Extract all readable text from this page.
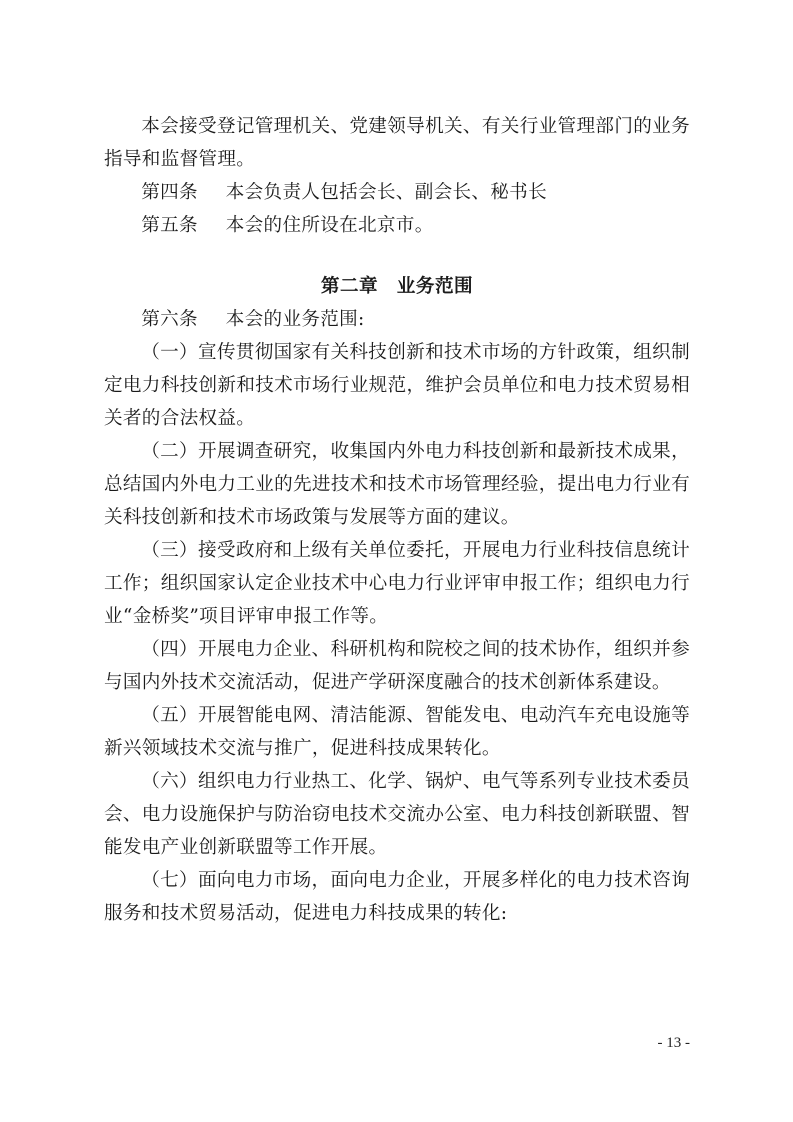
本会接受登记管理机关、党建领导机关、有关行业管理部门的业务指导和监督管理。

第四条 本会负责人包括会长、副会长、秘书长

第五条 本会的住所设在北京市。

第二章 业务范围

第六条 本会的业务范围:

（一）宣传贯彻国家有关科技创新和技术市场的方针政策，组织制定电力科技创新和技术市场行业规范，维护会员单位和电力技术贸易相关者的合法权益。

（二）开展调查研究，收集国内外电力科技创新和最新技术成果，总结国内外电力工业的先进技术和技术市场管理经验，提出电力行业有关科技创新和技术市场政策与发展等方面的建议。

（三）接受政府和上级有关单位委托，开展电力行业科技信息统计工作；组织国家认定企业技术中心电力行业评审申报工作；组织电力行业“金桥奖”项目评审申报工作等。

（四）开展电力企业、科研机构和院校之间的技术协作，组织并参与国内外技术交流活动，促进产学研深度融合的技术创新体系建设。

（五）开展智能电网、清洁能源、智能发电、电动汽车充电设施等新兴领域技术交流与推广，促进科技成果转化。

（六）组织电力行业热工、化学、锅炉、电气等系列专业技术委员会、电力设施保护与防治窃电技术交流办公室、电力科技创新联盟、智能发电产业创新联盟等工作开展。

（七）面向电力市场，面向电力企业，开展多样化的电力技术咨询服务和技术贸易活动，促进电力科技成果的转化:

- 13 -
